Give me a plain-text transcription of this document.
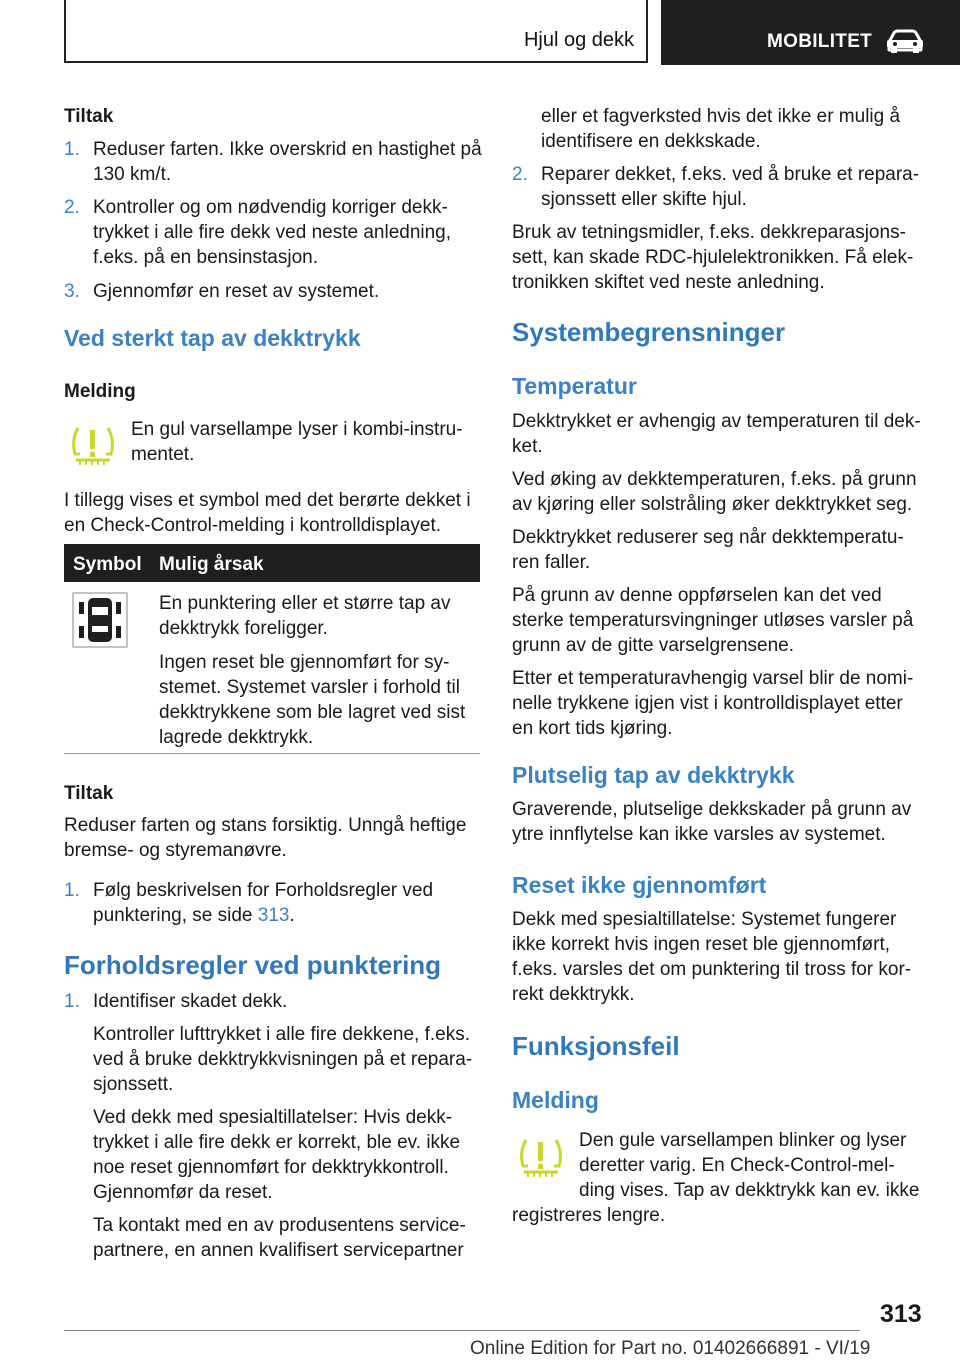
Hjul og dekk	MOBILITET
Tiltak
1. Reduser farten. Ikke overskrid en hastighet på
130 km/t.
2. Kontroller og om nødvendig korriger dekk-
trykket i alle fire dekk ved neste anledning,
f.eks. på en bensinstasjon.
3. Gjennomfør en reset av systemet.
Ved sterkt tap av dekktrykk
Melding
En gul varsellampe lyser i kombi-instru-
mentet.
I tillegg vises et symbol med det berørte dekket i
en Check-Control-melding i kontrolldisplayet.
Symbol Mulig årsak
En punktering eller et større tap av
dekktrykk foreligger.
Ingen reset ble gjennomført for sy-
stemet. Systemet varsler i forhold til
dekktrykkene som ble lagret ved sist
lagrede dekktrykk.
Tiltak
Reduser farten og stans forsiktig. Unngå heftige
bremse- og styremanøvre.
1. Følg beskrivelsen for Forholdsregler ved
punktering, se side 313.
Forholdsregler ved punktering
1. Identifiser skadet dekk.
Kontroller lufttrykket i alle fire dekkene, f.eks.
ved å bruke dekktrykkvisningen på et repara-
sjonssett.
Ved dekk med spesialtillatelser: Hvis dekk-
trykket i alle fire dekk er korrekt, ble ev. ikke
noe reset gjennomført for dekktrykkontroll.
Gjennomfør da reset.
Ta kontakt med en av produsentens service-
partnere, en annen kvalifisert servicepartner
eller et fagverksted hvis det ikke er mulig å
identifisere en dekkskade.
2. Reparer dekket, f.eks. ved å bruke et repara-
sjonssett eller skifte hjul.
Bruk av tetningsmidler, f.eks. dekkreparasjons-
sett, kan skade RDC-hjulelektronikken. Få elek-
tronikken skiftet ved neste anledning.
Systembegrensninger
Temperatur
Dekktrykket er avhengig av temperaturen til dek-
ket.
Ved øking av dekktemperaturen, f.eks. på grunn
av kjøring eller solstråling øker dekktrykket seg.
Dekktrykket reduserer seg når dekktemperatu-
ren faller.
På grunn av denne oppførselen kan det ved
sterke temperatursvingninger utløses varsler på
grunn av de gitte varselgrensene.
Etter et temperaturavhengig varsel blir de nomi-
nelle trykkene igjen vist i kontrolldisplayet etter
en kort tids kjøring.
Plutselig tap av dekktrykk
Graverende, plutselige dekkskader på grunn av
ytre innflytelse kan ikke varsles av systemet.
Reset ikke gjennomført
Dekk med spesialtillatelse: Systemet fungerer
ikke korrekt hvis ingen reset ble gjennomført,
f.eks. varsles det om punktering til tross for kor-
rekt dekktrykk.
Funksjonsfeil
Melding
Den gule varsellampen blinker og lyser
deretter varig. En Check-Control-mel-
ding vises. Tap av dekktrykk kan ev. ikke
registreres lengre.
313
Online Edition for Part no. 01402666891 - VI/19
